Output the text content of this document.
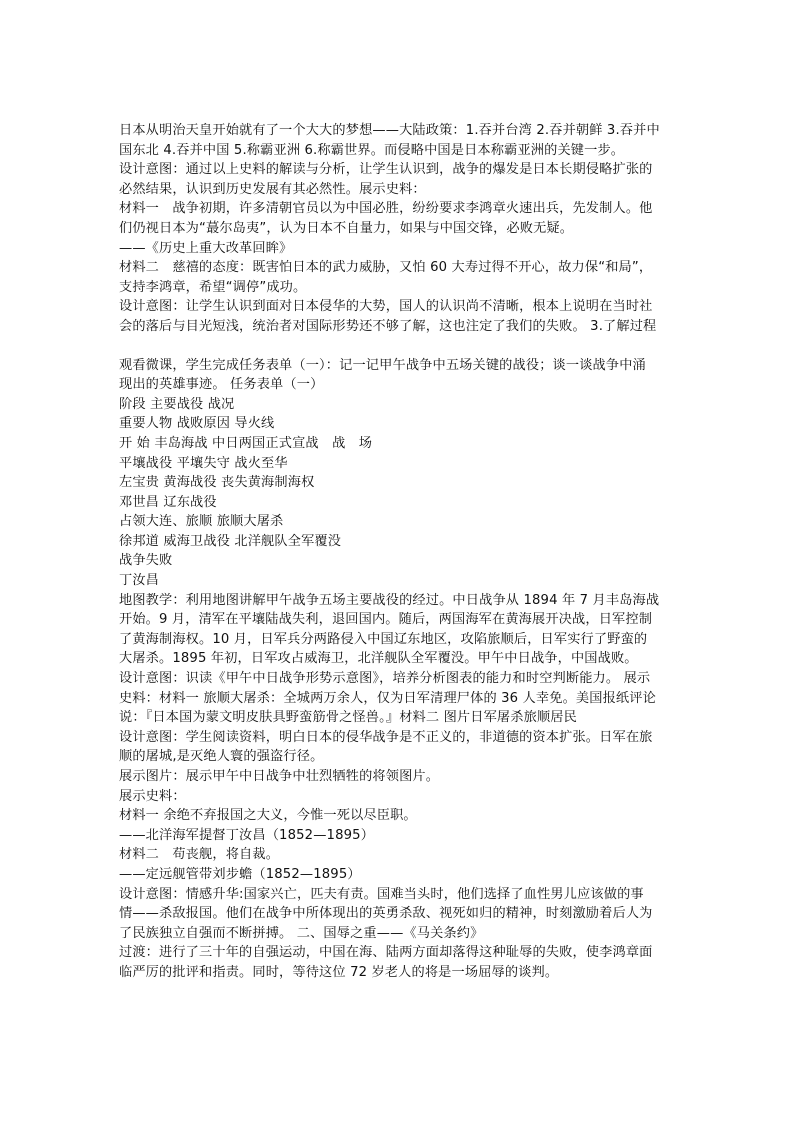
日本从明治天皇开始就有了一个大大的梦想——大陆政策：1.吞并台湾 2.吞并朝鲜 3.吞并中
国东北 4.吞并中国 5.称霸亚洲 6.称霸世界。而侵略中国是日本称霸亚洲的关键一步。
设计意图：通过以上史料的解读与分析，让学生认识到，战争的爆发是日本长期侵略扩张的
必然结果，认识到历史发展有其必然性。展示史料：
材料一　战争初期，许多清朝官员以为中国必胜，纷纷要求李鸿章火速出兵，先发制人。他
们仍视日本为“蕞尔岛夷”，认为日本不自量力，如果与中国交锋，必败无疑。
——《历史上重大改革回眸》
材料二　慈禧的态度：既害怕日本的武力威胁，又怕 60 大寿过得不开心，故力保“和局”，
支持李鸿章，希望“调停”成功。
设计意图：让学生认识到面对日本侵华的大势，国人的认识尚不清晰，根本上说明在当时社
会的落后与目光短浅，统治者对国际形势还不够了解，这也注定了我们的失败。 3.了解过程
观看微课，学生完成任务表单（一）：记一记甲午战争中五场关键的战役；谈一谈战争中涌
现出的英雄事迹。 任务表单（一）
阶段 主要战役 战况
重要人物 战败原因 导火线
开 始 丰岛海战 中日两国正式宣战　战　场
平壤战役 平壤失守 战火至华
左宝贵 黄海战役 丧失黄海制海权
邓世昌 辽东战役
占领大连、旅顺 旅顺大屠杀
徐邦道 威海卫战役 北洋舰队全军覆没
战争失败
丁汝昌
地图教学：利用地图讲解甲午战争五场主要战役的经过。中日战争从 1894 年 7 月丰岛海战
开始。9 月，清军在平壤陆战失利，退回国内。随后，两国海军在黄海展开决战，日军控制
了黄海制海权。10 月，日军兵分两路侵入中国辽东地区，攻陷旅顺后，日军实行了野蛮的
大屠杀。1895 年初，日军攻占威海卫，北洋舰队全军覆没。甲午中日战争，中国战败。
设计意图：识读《甲午中日战争形势示意图》，培养分析图表的能力和时空判断能力。 展示
史料：材料一 旅顺大屠杀：全城两万余人，仅为日军清理尸体的 36 人幸免。美国报纸评论
说：『日本国为蒙文明皮肤具野蛮筋骨之怪兽。』材料二 图片日军屠杀旅顺居民
设计意图：学生阅读资料，明白日本的侵华战争是不正义的，非道德的资本扩张。日军在旅
顺的屠城,是灭绝人寰的强盗行径。
展示图片：展示甲午中日战争中壮烈牺牲的将领图片。
展示史料：
材料一 余绝不弃报国之大义，今惟一死以尽臣职。
——北洋海军提督丁汝昌（1852—1895）
材料二　苟丧舰，将自裁。
——定远舰管带刘步蟾（1852—1895）
设计意图：情感升华:国家兴亡，匹夫有责。国难当头时，他们选择了血性男儿应该做的事
情——杀敌报国。他们在战争中所体现出的英勇杀敌、视死如归的精神，时刻激励着后人为
了民族独立自强而不断拼搏。 二、国辱之重——《马关条约》
过渡：进行了三十年的自强运动，中国在海、陆两方面却落得这种耻辱的失败，使李鸿章面
临严厉的批评和指责。同时，等待这位 72 岁老人的将是一场屈辱的谈判。
